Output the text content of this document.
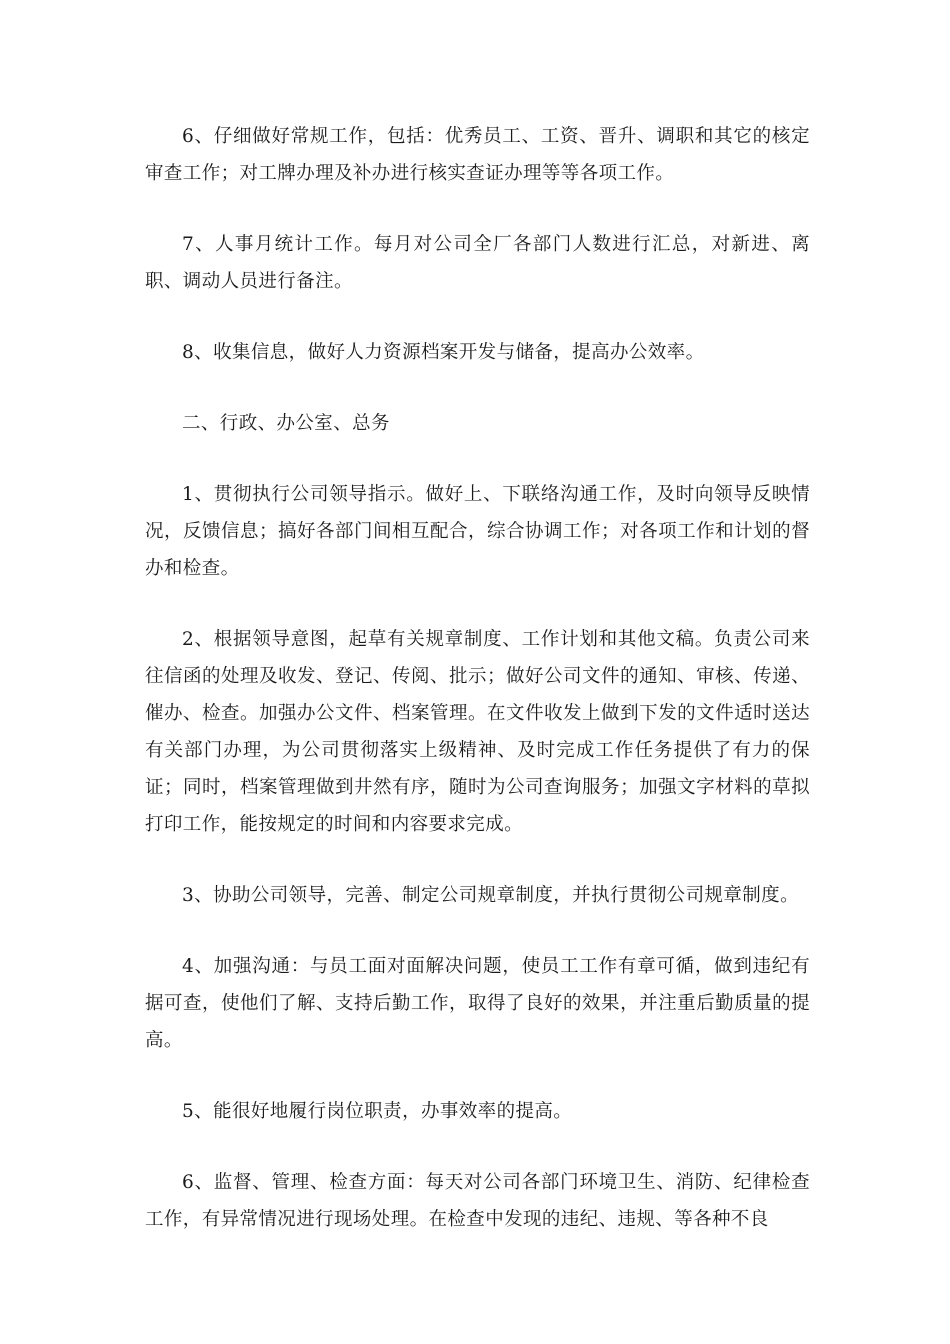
6、仔细做好常规工作，包括：优秀员工、工资、晋升、调职和其它的核定审查工作；对工牌办理及补办进行核实查证办理等等各项工作。

7、人事月统计工作。每月对公司全厂各部门人数进行汇总，对新进、离职、调动人员进行备注。

8、收集信息，做好人力资源档案开发与储备，提高办公效率。

二、行政、办公室、总务

1、贯彻执行公司领导指示。做好上、下联络沟通工作，及时向领导反映情况，反馈信息；搞好各部门间相互配合，综合协调工作；对各项工作和计划的督办和检查。

2、根据领导意图，起草有关规章制度、工作计划和其他文稿。负责公司来往信函的处理及收发、登记、传阅、批示；做好公司文件的通知、审核、传递、催办、检查。加强办公文件、档案管理。在文件收发上做到下发的文件适时送达有关部门办理，为公司贯彻落实上级精神、及时完成工作任务提供了有力的保证；同时，档案管理做到井然有序，随时为公司查询服务；加强文字材料的草拟打印工作，能按规定的时间和内容要求完成。

3、协助公司领导，完善、制定公司规章制度，并执行贯彻公司规章制度。

4、加强沟通：与员工面对面解决问题，使员工工作有章可循，做到违纪有据可查，使他们了解、支持后勤工作，取得了良好的效果，并注重后勤质量的提高。

5、能很好地履行岗位职责，办事效率的提高。

6、监督、管理、检查方面：每天对公司各部门环境卫生、消防、纪律检查工作，有异常情况进行现场处理。在检查中发现的违纪、违规、等各种不良
